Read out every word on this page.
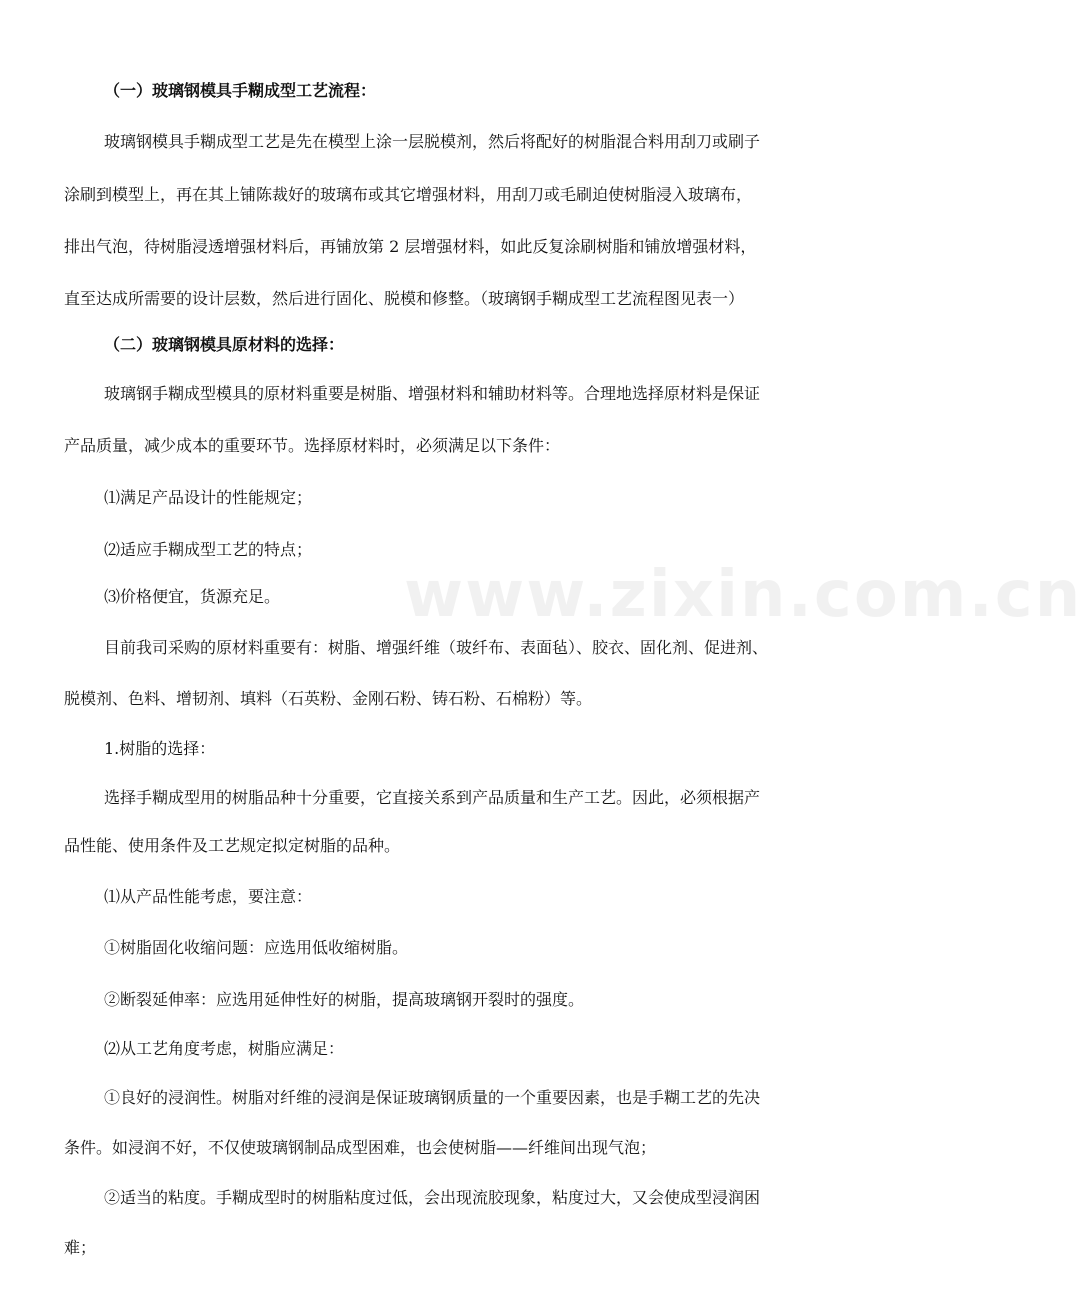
www.zixin.com.cn
（一）玻璃钢模具手糊成型工艺流程：
玻璃钢模具手糊成型工艺是先在模型上涂一层脱模剂，然后将配好的树脂混合料用刮刀或刷子
涂刷到模型上，再在其上铺陈裁好的玻璃布或其它增强材料，用刮刀或毛刷迫使树脂浸入玻璃布，
排出气泡，待树脂浸透增强材料后，再铺放第 2 层增强材料，如此反复涂刷树脂和铺放增强材料，
直至达成所需要的设计层数，然后进行固化、脱模和修整。（玻璃钢手糊成型工艺流程图见表一）
（二）玻璃钢模具原材料的选择：
玻璃钢手糊成型模具的原材料重要是树脂、增强材料和辅助材料等。合理地选择原材料是保证
产品质量，减少成本的重要环节。选择原材料时，必须满足以下条件：
⑴满足产品设计的性能规定；
⑵适应手糊成型工艺的特点；
⑶价格便宜，货源充足。
目前我司采购的原材料重要有：树脂、增强纤维（玻纤布、表面毡）、胶衣、固化剂、促进剂、
脱模剂、色料、增韧剂、填料（石英粉、金刚石粉、铸石粉、石棉粉）等。
1.树脂的选择：
选择手糊成型用的树脂品种十分重要，它直接关系到产品质量和生产工艺。因此，必须根据产
品性能、使用条件及工艺规定拟定树脂的品种。
⑴从产品性能考虑，要注意：
①树脂固化收缩问题：应选用低收缩树脂。
②断裂延伸率：应选用延伸性好的树脂，提高玻璃钢开裂时的强度。
⑵从工艺角度考虑，树脂应满足：
①良好的浸润性。树脂对纤维的浸润是保证玻璃钢质量的一个重要因素，也是手糊工艺的先决
条件。如浸润不好，不仅使玻璃钢制品成型困难，也会使树脂——纤维间出现气泡；
②适当的粘度。手糊成型时的树脂粘度过低，会出现流胶现象，粘度过大，又会使成型浸润困
难；
